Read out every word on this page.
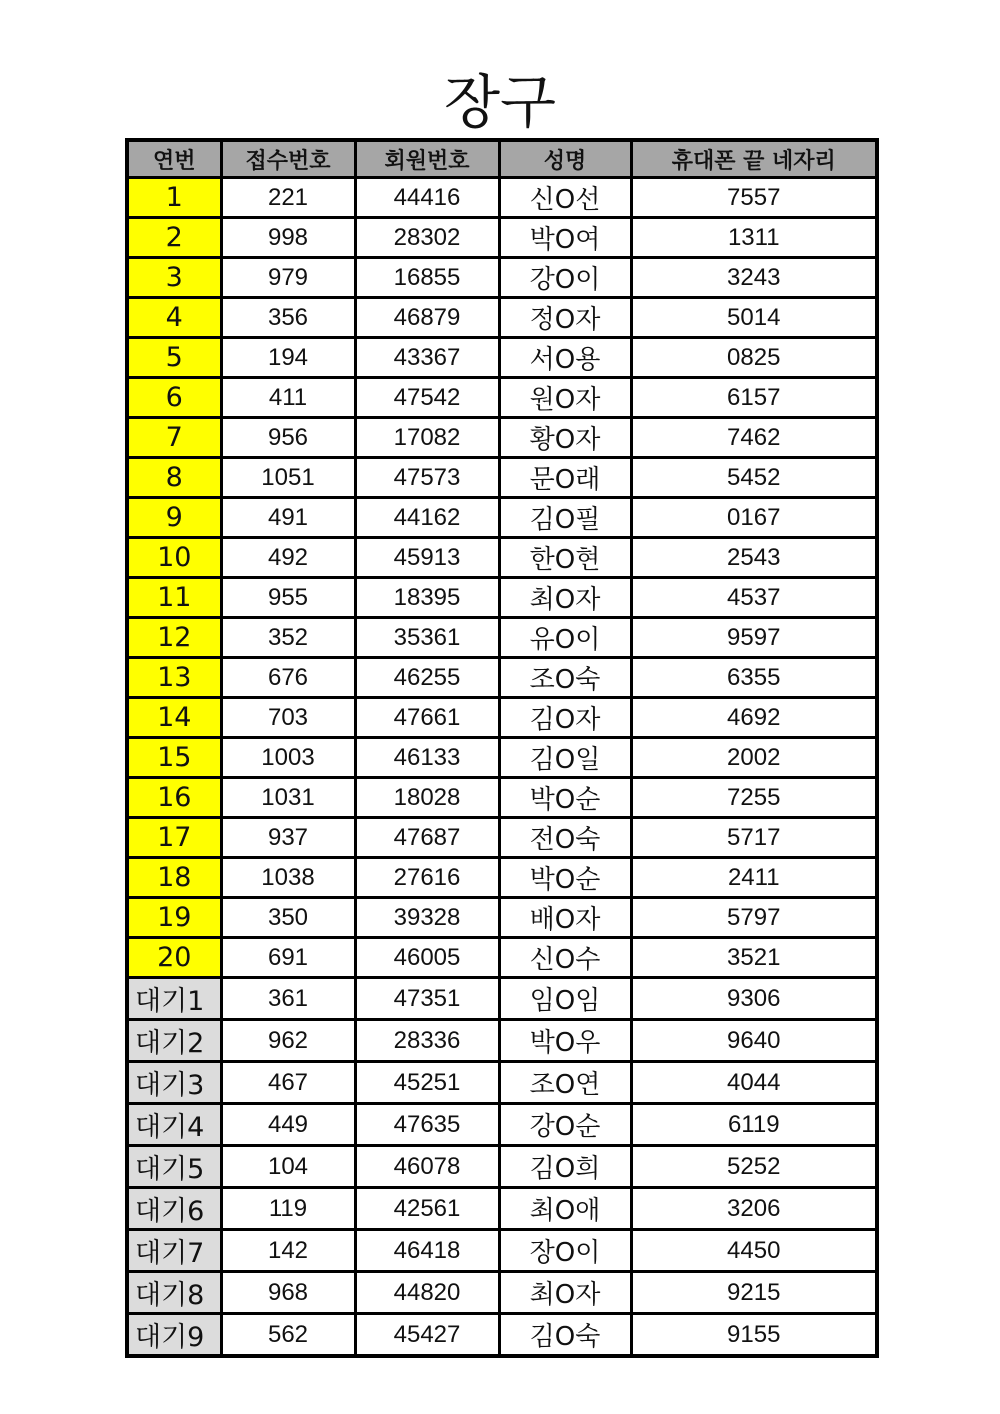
장구
연번	접수번호	회원번호	성명	휴대폰 끝 네자리
1	221	44416	신O선	7557
2	998	28302	박O여	1311
3	979	16855	강O이	3243
4	356	46879	정O자	5014
5	194	43367	서O용	0825
6	411	47542	원O자	6157
7	956	17082	황O자	7462
8	1051	47573	문O래	5452
9	491	44162	김O필	0167
10	492	45913	한O현	2543
11	955	18395	최O자	4537
12	352	35361	유O이	9597
13	676	46255	조O숙	6355
14	703	47661	김O자	4692
15	1003	46133	김O일	2002
16	1031	18028	박O순	7255
17	937	47687	전O숙	5717
18	1038	27616	박O순	2411
19	350	39328	배O자	5797
20	691	46005	신O수	3521
대기1	361	47351	임O임	9306
대기2	962	28336	박O우	9640
대기3	467	45251	조O연	4044
대기4	449	47635	강O순	6119
대기5	104	46078	김O희	5252
대기6	119	42561	최O애	3206
대기7	142	46418	장O이	4450
대기8	968	44820	최O자	9215
대기9	562	45427	김O숙	9155
